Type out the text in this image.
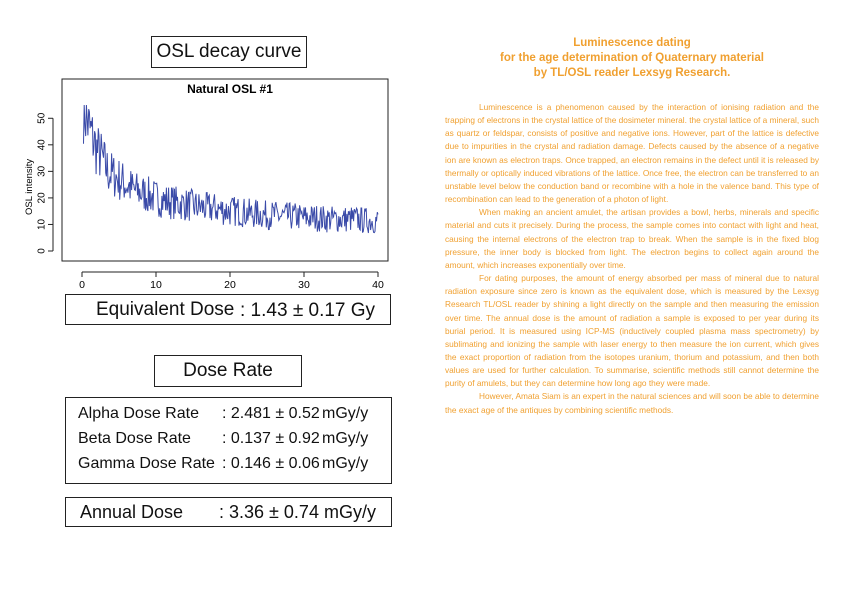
OSL decay curve
Natural OSL #1
OSL intensity
0	10	20	30	40
0
10
20
30
40
50
Equivalent Dose : 1.43 ± 0.17 Gy
Dose Rate
Alpha Dose Rate : 2.481 ± 0.52 mGy/y
Beta Dose Rate : 0.137 ± 0.92 mGy/y
Gamma Dose Rate : 0.146 ± 0.06 mGy/y
Annual Dose : 3.36 ± 0.74 mGy/y
Luminescence dating
for the age determination of Quaternary material
by TL/OSL reader Lexsyg Research.

Luminescence is a phenomenon caused by the interaction of ionising radiation and the trapping of electrons in the crystal lattice of the dosimeter mineral. the crystal lattice of a mineral, such as quartz or feldspar, consists of positive and negative ions. However, part of the lattice is defective due to impurities in the crystal and radiation damage. Defects caused by the absence of a negative ion are known as electron traps. Once trapped, an electron remains in the defect until it is released by thermally or optically induced vibrations of the lattice. Once free, the electron can be transferred to an unstable level below the conduction band or recombine with a hole in the valence band. This type of recombination can lead to the generation of a photon of light.

When making an ancient amulet, the artisan provides a bowl, herbs, minerals and specific material and cuts it precisely. During the process, the sample comes into contact with light and heat, causing the internal electrons of the electron trap to break. When the sample is in the fixed blog pressure, the inner body is blocked from light. The electron begins to collect again around the amount, which increases exponentially over time.

For dating purposes, the amount of energy absorbed per mass of mineral due to natural radiation exposure since zero is known as the equivalent dose, which is measured by the Lexsyg Research TL/OSL reader by shining a light directly on the sample and then measuring the emission over time. The annual dose is the amount of radiation a sample is exposed to per year during its burial period. It is measured using ICP-MS (inductively coupled plasma mass spectrometry) by sublimating and ionizing the sample with laser energy to then measure the ion current, which gives the exact proportion of radiation from the isotopes uranium, thorium and potassium, and then both values are used for further calculation. To summarise, scientific methods still cannot determine the purity of amulets, but they can determine how long ago they were made.

However, Amata Siam is an expert in the natural sciences and will soon be able to determine the exact age of the antiques by combining scientific methods.
